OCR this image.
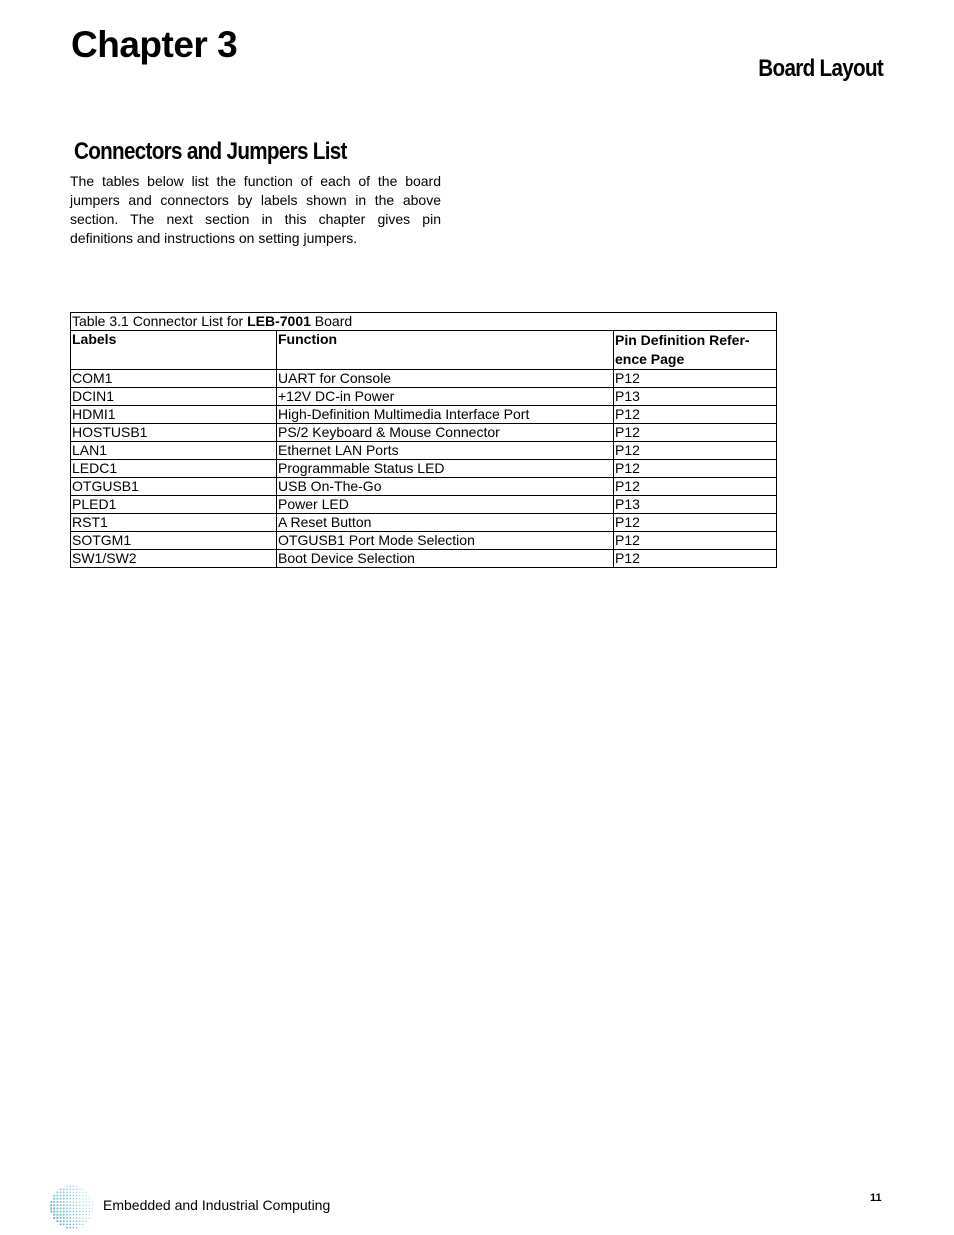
Chapter 3
Board Layout
Connectors and Jumpers List

The tables below list the function of each of the board jumpers and connectors by labels shown in the above section. The next section in this chapter gives pin definitions and instructions on setting jumpers.

Table 3.1 Connector List for LEB-7001 Board		
Labels	Function	Pin Definition Refer-ence Page
COM1	UART for Console	P12
DCIN1	+12V DC-in Power	P13
HDMI1	High-Definition Multimedia Interface Port	P12
HOSTUSB1	PS/2 Keyboard & Mouse Connector	P12
LAN1	Ethernet LAN Ports	P12
LEDC1	Programmable Status LED	P12
OTGUSB1	USB On-The-Go	P12
PLED1	Power LED	P13
RST1	A Reset Button	P12
SOTGM1	OTGUSB1 Port Mode Selection	P12
SW1/SW2	Boot Device Selection	P12
Embedded and Industrial Computing	11
